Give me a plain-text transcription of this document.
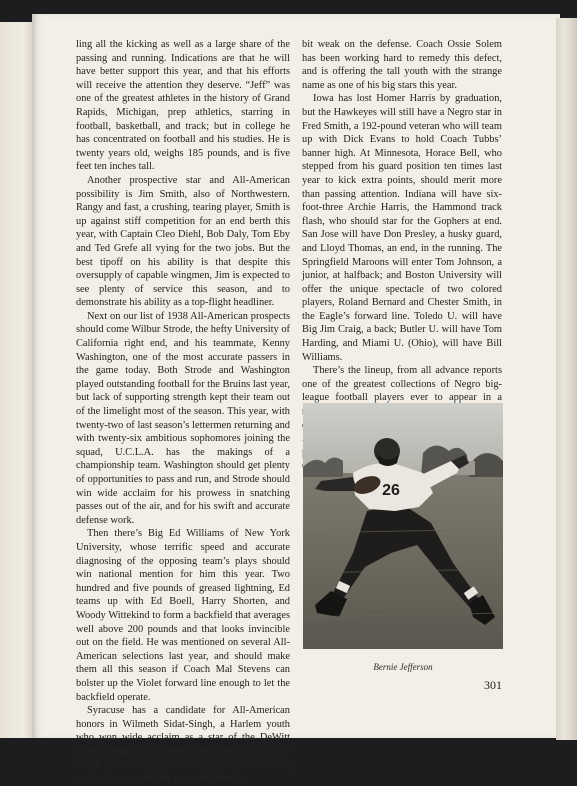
ling all the kicking as well as a large share of the passing and running. Indications are that he will have better support this year, and that his efforts will receive the attention they deserve. “Jeff” was one of the greatest athletes in the history of Grand Rapids, Michigan, prep athletics, starring in football, basketball, and track; but in college he has concentrated on football and his studies. He is twenty years old, weighs 185 pounds, and is five feet ten inches tall.

Another prospective star and All-American possibility is Jim Smith, also of Northwestern. Rangy and fast, a crushing, tearing player, Smith is up against stiff competition for an end berth this year, with Captain Cleo Diehl, Bob Daly, Tom Eby and Ted Grefe all vying for the two jobs. But the best tipoff on his ability is that despite this oversupply of capable wingmen, Jim is expected to see plenty of service this season, and to demonstrate his ability as a top-flight headliner.

Next on our list of 1938 All-American prospects should come Wilbur Strode, the hefty University of California right end, and his teammate, Kenny Washington, one of the most accurate passers in the game today. Both Strode and Washington played outstanding football for the Bruins last year, but lack of supporting strength kept their team out of the limelight most of the season. This year, with twenty-two of last season’s lettermen returning and with twenty-six ambitious sophomores joining the squad, U.C.L.A. has the makings of a championship team. Washington should get plenty of opportunities to pass and run, and Strode should win wide acclaim for his prowess in snatching passes out of the air, and for his swift and accurate defense work.

Then there’s Big Ed Williams of New York University, whose terrific speed and accurate diagnosing of the opposing team’s plays should win national mention for him this year. Two hundred and five pounds of greased lightning, Ed teams up with Ed Boell, Harry Shorten, and Woody Wittekind to form a backfield that averages well above 200 pounds and that looks invincible out on the field. He was mentioned on several All-American selections last year, and should make them all this season if Coach Mal Stevens can bolster up the Violet forward line enough to let the backfield operate.

Syracuse has a candidate for All-American honors in Wilmeth Sidat-Singh, a Harlem youth who won wide acclaim as a star of the DeWitt Clinton High School team a few years ago. Sidat-Singh made headlines last year with his fast, accurate passes, but he was considered a

bit weak on the defense. Coach Ossie Solem has been working hard to remedy this defect, and is offering the tall youth with the strange name as one of his big stars this year.

Iowa has lost Homer Harris by graduation, but the Hawkeyes will still have a Negro star in Fred Smith, a 192-pound veteran who will team up with Dick Evans to hold Coach Tubbs’ banner high. At Minnesota, Horace Bell, who stepped from his guard position ten times last year to kick extra points, should merit more than passing attention. Indiana will have six-foot-three Archie Harris, the Hammond track flash, who should star for the Gophers at end. San Jose will have Don Presley, a husky guard, and Lloyd Thomas, an end, in the running. The Springfield Maroons will enter Tom Johnson, a junior, at halfback; and Boston University will offer the unique spectacle of two colored players, Roland Bernard and Chester Smith, in the Eagle’s forward line. Toledo U. will have Big Jim Craig, a back; Butler U. will have Tom Harding, and Miami U. (Ohio), will have Bill Williams.

There’s the lineup, from all advance reports one of the greatest collections of Negro big-league football players ever to appear in a

26
Bernie Jefferson
301
